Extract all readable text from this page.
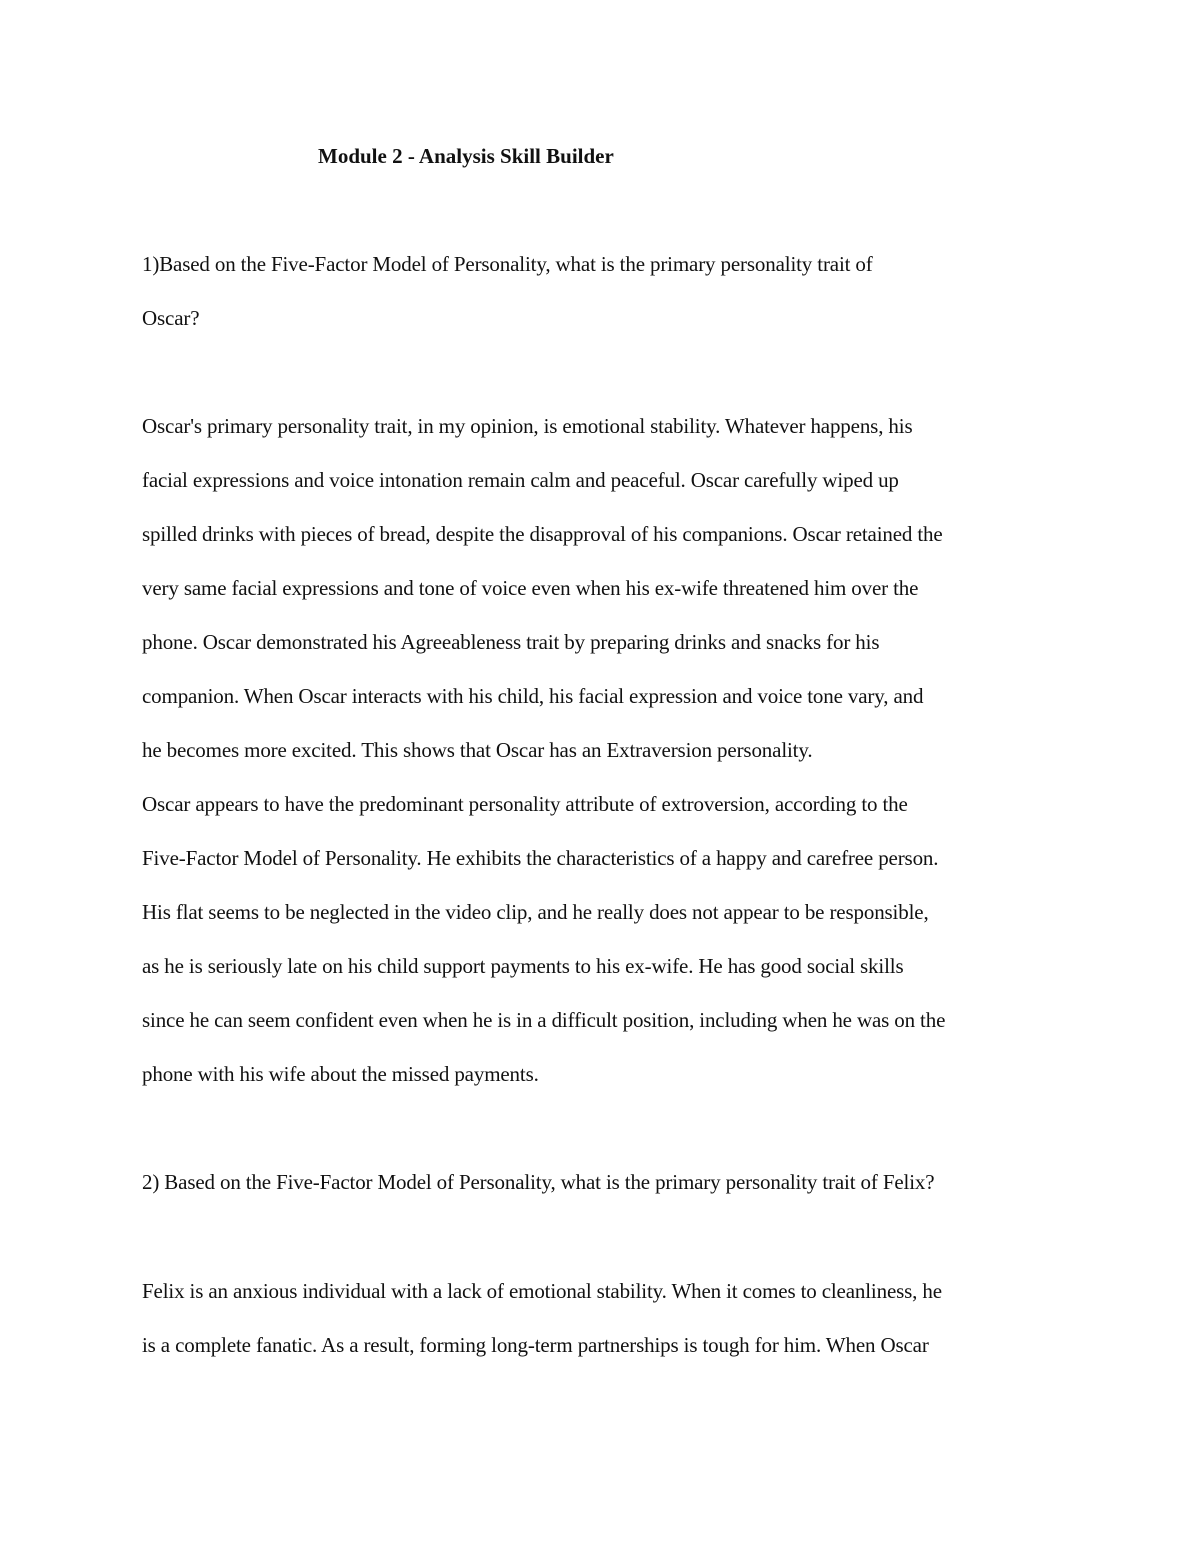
Module 2 - Analysis Skill Builder
1)Based on the Five-Factor Model of Personality, what is the primary personality trait of
Oscar?
Oscar's primary personality trait, in my opinion, is emotional stability. Whatever happens, his
facial expressions and voice intonation remain calm and peaceful. Oscar carefully wiped up
spilled drinks with pieces of bread, despite the disapproval of his companions. Oscar retained the
very same facial expressions and tone of voice even when his ex-wife threatened him over the
phone. Oscar demonstrated his Agreeableness trait by preparing drinks and snacks for his
companion. When Oscar interacts with his child, his facial expression and voice tone vary, and
he becomes more excited. This shows that Oscar has an Extraversion personality.
Oscar appears to have the predominant personality attribute of extroversion, according to the
Five-Factor Model of Personality. He exhibits the characteristics of a happy and carefree person.
His flat seems to be neglected in the video clip, and he really does not appear to be responsible,
as he is seriously late on his child support payments to his ex-wife. He has good social skills
since he can seem confident even when he is in a difficult position, including when he was on the
phone with his wife about the missed payments.
2) Based on the Five-Factor Model of Personality, what is the primary personality trait of Felix?
Felix is an anxious individual with a lack of emotional stability. When it comes to cleanliness, he
is a complete fanatic. As a result, forming long-term partnerships is tough for him. When Oscar
